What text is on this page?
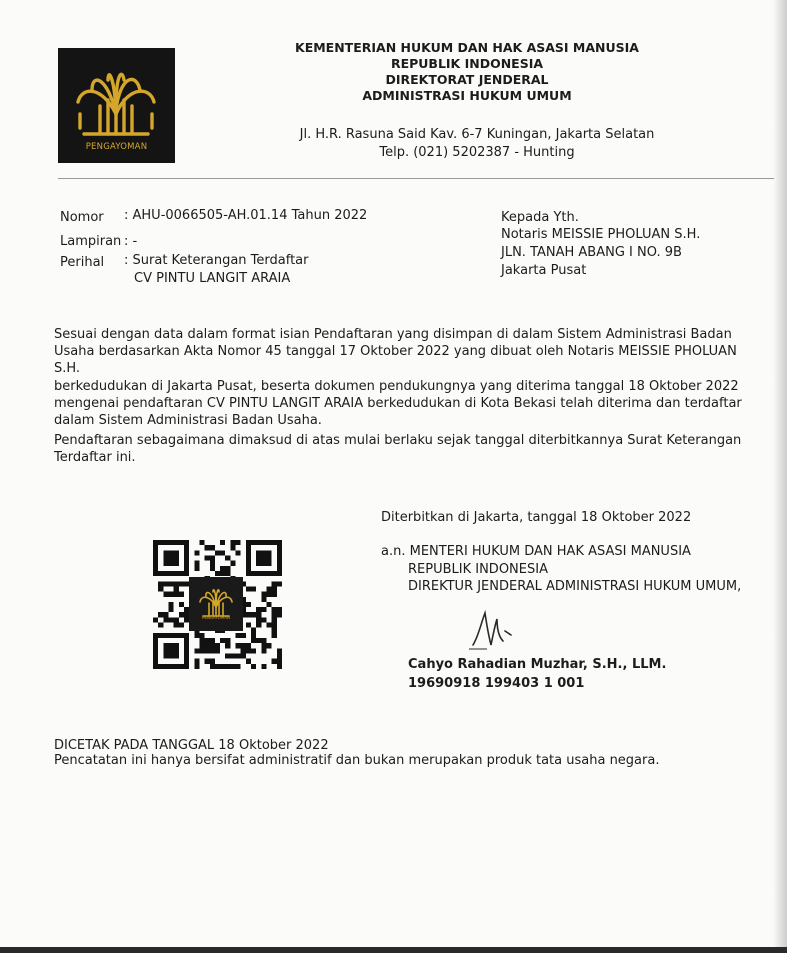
PENGAYOMAN
KEMENTERIAN HUKUM DAN HAK ASASI MANUSIA
REPUBLIK INDONESIA
DIREKTORAT JENDERAL
ADMINISTRASI HUKUM UMUM
Jl. H.R. Rasuna Said Kav. 6-7 Kuningan, Jakarta Selatan
Telp. (021) 5202387 - Hunting
Nomor : AHU-0066505-AH.01.14 Tahun 2022
Lampiran : -
Perihal : Surat Keterangan Terdaftar
CV PINTU LANGIT ARAIA
Kepada Yth.
Notaris MEISSIE PHOLUAN S.H.
JLN. TANAH ABANG I NO. 9B
Jakarta Pusat
Sesuai dengan data dalam format isian Pendaftaran yang disimpan di dalam Sistem Administrasi Badan
Usaha berdasarkan Akta Nomor 45 tanggal 17 Oktober 2022 yang dibuat oleh Notaris MEISSIE PHOLUAN S.H.
berkedudukan di Jakarta Pusat, beserta dokumen pendukungnya yang diterima tanggal 18 Oktober 2022
mengenai pendaftaran CV PINTU LANGIT ARAIA berkedudukan di Kota Bekasi telah diterima dan terdaftar
dalam Sistem Administrasi Badan Usaha.
Pendaftaran sebagaimana dimaksud di atas mulai berlaku sejak tanggal diterbitkannya Surat Keterangan
Terdaftar ini.
Diterbitkan di Jakarta, tanggal 18 Oktober 2022
a.n. MENTERI HUKUM DAN HAK ASASI MANUSIA
REPUBLIK INDONESIA
DIREKTUR JENDERAL ADMINISTRASI HUKUM UMUM,
Cahyo Rahadian Muzhar, S.H., LLM.
19690918 199403 1 001
PENGAYOMAN
DICETAK PADA TANGGAL 18 Oktober 2022
Pencatatan ini hanya bersifat administratif dan bukan merupakan produk tata usaha negara.
